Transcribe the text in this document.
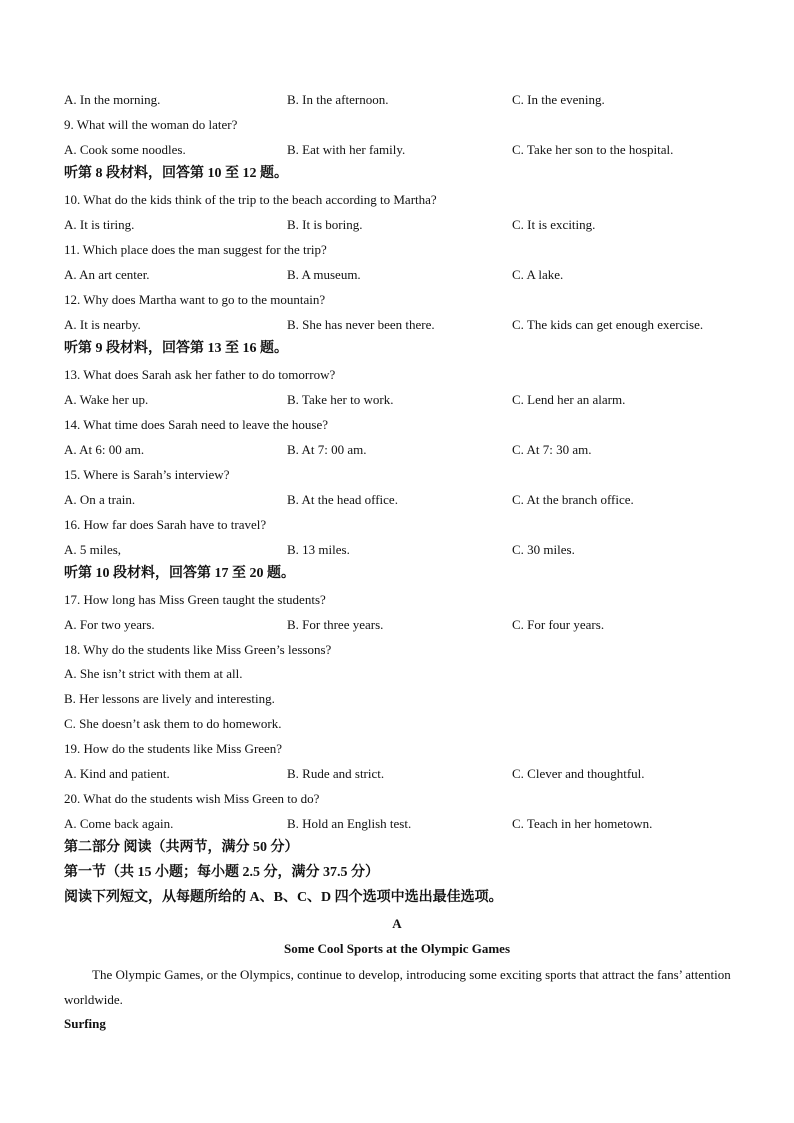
A. In the morning.	B. In the afternoon.	C. In the evening.
9. What will the woman do later?
A. Cook some noodles.	B. Eat with her family.	C. Take her son to the hospital.
听第 8 段材料，回答第 10 至 12 题。
10. What do the kids think of the trip to the beach according to Martha?
A. It is tiring.	B. It is boring.	C. It is exciting.
11. Which place does the man suggest for the trip?
A. An art center.	B. A museum.	C. A lake.
12. Why does Martha want to go to the mountain?
A. It is nearby.	B. She has never been there.	C. The kids can get enough exercise.
听第 9 段材料，回答第 13 至 16 题。
13. What does Sarah ask her father to do tomorrow?
A. Wake her up.	B. Take her to work.	C. Lend her an alarm.
14. What time does Sarah need to leave the house?
A. At 6: 00 am.	B. At 7: 00 am.	C. At 7: 30 am.
15. Where is Sarah’s interview?
A. On a train.	B. At the head office.	C. At the branch office.
16. How far does Sarah have to travel?
A. 5 miles,	B. 13 miles.	C. 30 miles.
听第 10 段材料，回答第 17 至 20 题。
17. How long has Miss Green taught the students?
A. For two years.	B. For three years.	C. For four years.
18. Why do the students like Miss Green’s lessons?
A. She isn’t strict with them at all.
B. Her lessons are lively and interesting.
C. She doesn’t ask them to do homework.
19. How do the students like Miss Green?
A. Kind and patient.	B. Rude and strict.	C. Clever and thoughtful.
20. What do the students wish Miss Green to do?
A. Come back again.	B. Hold an English test.	C. Teach in her hometown.
第二部分 阅读（共两节，满分 50 分）
第一节（共 15 小题；每小题 2.5 分，满分 37.5 分）
阅读下列短文，从每题所给的 A、B、C、D 四个选项中选出最佳选项。
A
Some Cool Sports at the Olympic Games
The Olympic Games, or the Olympics, continue to develop, introducing some exciting sports that attract the fans’ attention worldwide.
Surfing
